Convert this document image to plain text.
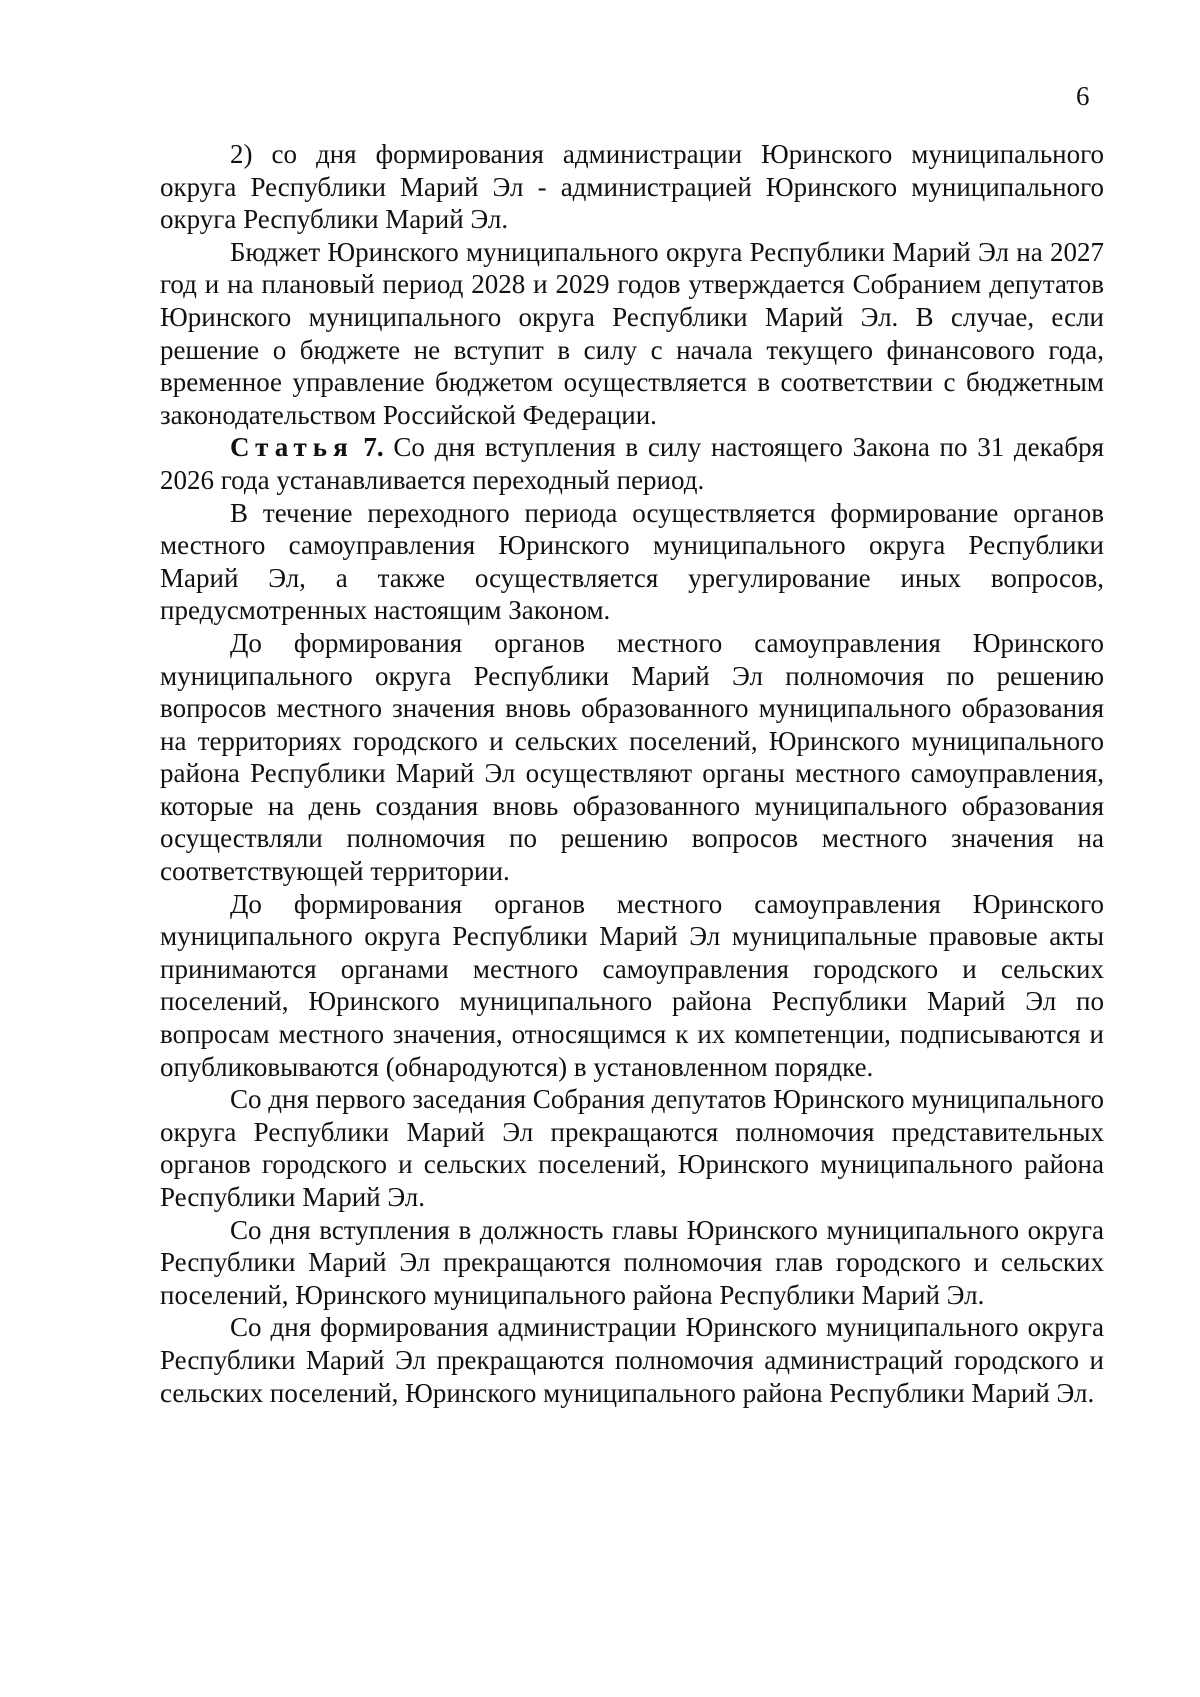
6

2) со дня формирования администрации Юринского муниципального округа Республики Марий Эл - администрацией Юринского муниципального округа Республики Марий Эл.

Бюджет Юринского муниципального округа Республики Марий Эл на 2027 год и на плановый период 2028 и 2029 годов утверждается Собранием депутатов Юринского муниципального округа Республики Марий Эл. В случае, если решение о бюджете не вступит в силу с начала текущего финансового года, временное управление бюджетом осуществляется в соответствии с бюджетным законодательством Российской Федерации.

Статья 7. Со дня вступления в силу настоящего Закона по 31 декабря 2026 года устанавливается переходный период.

В течение переходного периода осуществляется формирование органов местного самоуправления Юринского муниципального округа Республики Марий Эл, а также осуществляется урегулирование иных вопросов, предусмотренных настоящим Законом.

До формирования органов местного самоуправления Юринского муниципального округа Республики Марий Эл полномочия по решению вопросов местного значения вновь образованного муниципального образования на территориях городского и сельских поселений, Юринского муниципального района Республики Марий Эл осуществляют органы местного самоуправления, которые на день создания вновь образованного муниципального образования осуществляли полномочия по решению вопросов местного значения на соответствующей территории.

До формирования органов местного самоуправления Юринского муниципального округа Республики Марий Эл муниципальные правовые акты принимаются органами местного самоуправления городского и сельских поселений, Юринского муниципального района Республики Марий Эл по вопросам местного значения, относящимся к их компетенции, подписываются и опубликовываются (обнародуются) в установленном порядке.

Со дня первого заседания Собрания депутатов Юринского муниципального округа Республики Марий Эл прекращаются полномочия представительных органов городского и сельских поселений, Юринского муниципального района Республики Марий Эл.

Со дня вступления в должность главы Юринского муниципального округа Республики Марий Эл прекращаются полномочия глав городского и сельских поселений, Юринского муниципального района Республики Марий Эл.

Со дня формирования администрации Юринского муниципального округа Республики Марий Эл прекращаются полномочия администраций городского и сельских поселений, Юринского муниципального района Республики Марий Эл.
